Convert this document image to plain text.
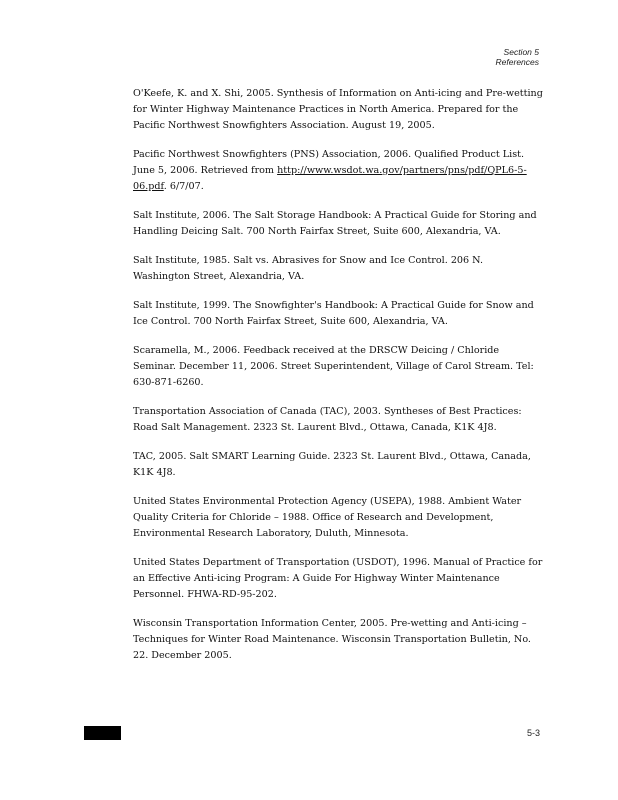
Section 5
References

O'Keefe, K. and X. Shi, 2005. Synthesis of Information on Anti-icing and Pre-wetting for Winter Highway Maintenance Practices in North America. Prepared for the Pacific Northwest Snowfighters Association. August 19, 2005.

Pacific Northwest Snowfighters (PNS) Association, 2006. Qualified Product List. June 5, 2006. Retrieved from http://www.wsdot.wa.gov/partners/pns/pdf/QPL6-5-06.pdf. 6/7/07.

Salt Institute, 2006. The Salt Storage Handbook: A Practical Guide for Storing and Handling Deicing Salt. 700 North Fairfax Street, Suite 600, Alexandria, VA.

Salt Institute, 1985. Salt vs. Abrasives for Snow and Ice Control. 206 N. Washington Street, Alexandria, VA.

Salt Institute, 1999. The Snowfighter's Handbook: A Practical Guide for Snow and Ice Control. 700 North Fairfax Street, Suite 600, Alexandria, VA.

Scaramella, M., 2006. Feedback received at the DRSCW Deicing / Chloride Seminar. December 11, 2006. Street Superintendent, Village of Carol Stream. Tel: 630-871-6260.

Transportation Association of Canada (TAC), 2003. Syntheses of Best Practices: Road Salt Management. 2323 St. Laurent Blvd., Ottawa, Canada, K1K 4J8.

TAC, 2005. Salt SMART Learning Guide. 2323 St. Laurent Blvd., Ottawa, Canada, K1K 4J8.

United States Environmental Protection Agency (USEPA), 1988. Ambient Water Quality Criteria for Chloride – 1988. Office of Research and Development, Environmental Research Laboratory, Duluth, Minnesota.

United States Department of Transportation (USDOT), 1996. Manual of Practice for an Effective Anti-icing Program: A Guide For Highway Winter Maintenance Personnel. FHWA-RD-95-202.

Wisconsin Transportation Information Center, 2005. Pre-wetting and Anti-icing – Techniques for Winter Road Maintenance. Wisconsin Transportation Bulletin, No. 22. December 2005.

5-3
